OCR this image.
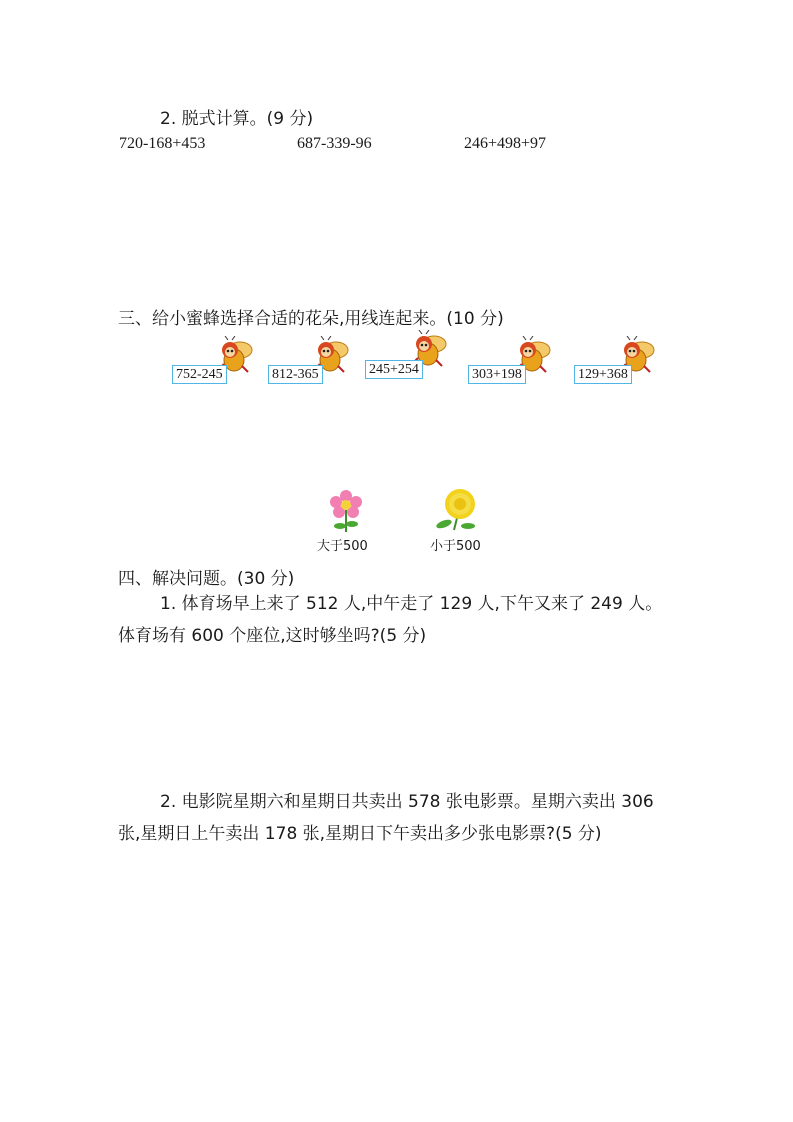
2. 脱式计算。(9 分)
720-168+453	687-339-96	246+498+97
三、给小蜜蜂选择合适的花朵,用线连起来。(10 分)
752-245	812-365	245+254	303+198	129+368
大于500	小于500
四、解决问题。(30 分)
1. 体育场早上来了 512 人,中午走了 129 人,下午又来了 249 人。
体育场有 600 个座位,这时够坐吗?(5 分)
2. 电影院星期六和星期日共卖出 578 张电影票。星期六卖出 306
张,星期日上午卖出 178 张,星期日下午卖出多少张电影票?(5 分)
